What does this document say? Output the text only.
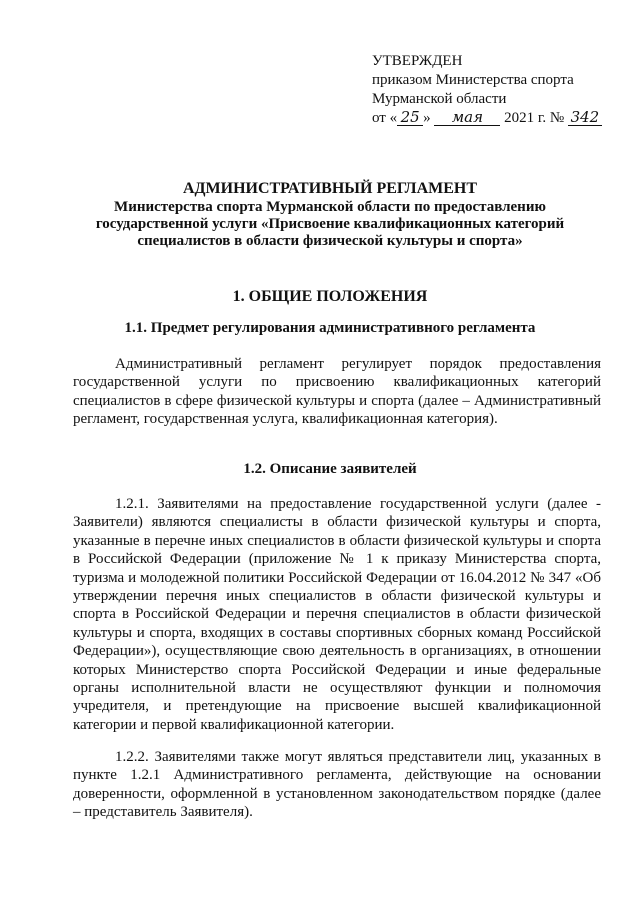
УТВЕРЖДЕН
приказом Министерства спорта
Мурманской области
от « 25 » мая 2021 г. № 342
АДМИНИСТРАТИВНЫЙ РЕГЛАМЕНТ
Министерства спорта Мурманской области по предоставлению
государственной услуги «Присвоение квалификационных категорий
специалистов в области физической культуры и спорта»
1. ОБЩИЕ ПОЛОЖЕНИЯ
1.1. Предмет регулирования административного регламента

Административный регламент регулирует порядок предоставления государственной услуги по присвоению квалификационных категорий специалистов в сфере физической культуры и спорта (далее – Административный регламент, государственная услуга, квалификационная категория).

1.2. Описание заявителей

1.2.1. Заявителями на предоставление государственной услуги (далее - Заявители) являются специалисты в области физической культуры и спорта, указанные в перечне иных специалистов в области физической культуры и спорта в Российской Федерации (приложение № 1 к приказу Министерства спорта, туризма и молодежной политики Российской Федерации от 16.04.2012 № 347 «Об утверждении перечня иных специалистов в области физической культуры и спорта в Российской Федерации и перечня специалистов в области физической культуры и спорта, входящих в составы спортивных сборных команд Российской Федерации»), осуществляющие свою деятельность в организациях, в отношении которых Министерство спорта Российской Федерации и иные федеральные органы исполнительной власти не осуществляют функции и полномочия учредителя, и претендующие на присвоение высшей квалификационной категории и первой квалификационной категории.

1.2.2. Заявителями также могут являться представители лиц, указанных в пункте 1.2.1 Административного регламента, действующие на основании доверенности, оформленной в установленном законодательством порядке (далее – представитель Заявителя).
